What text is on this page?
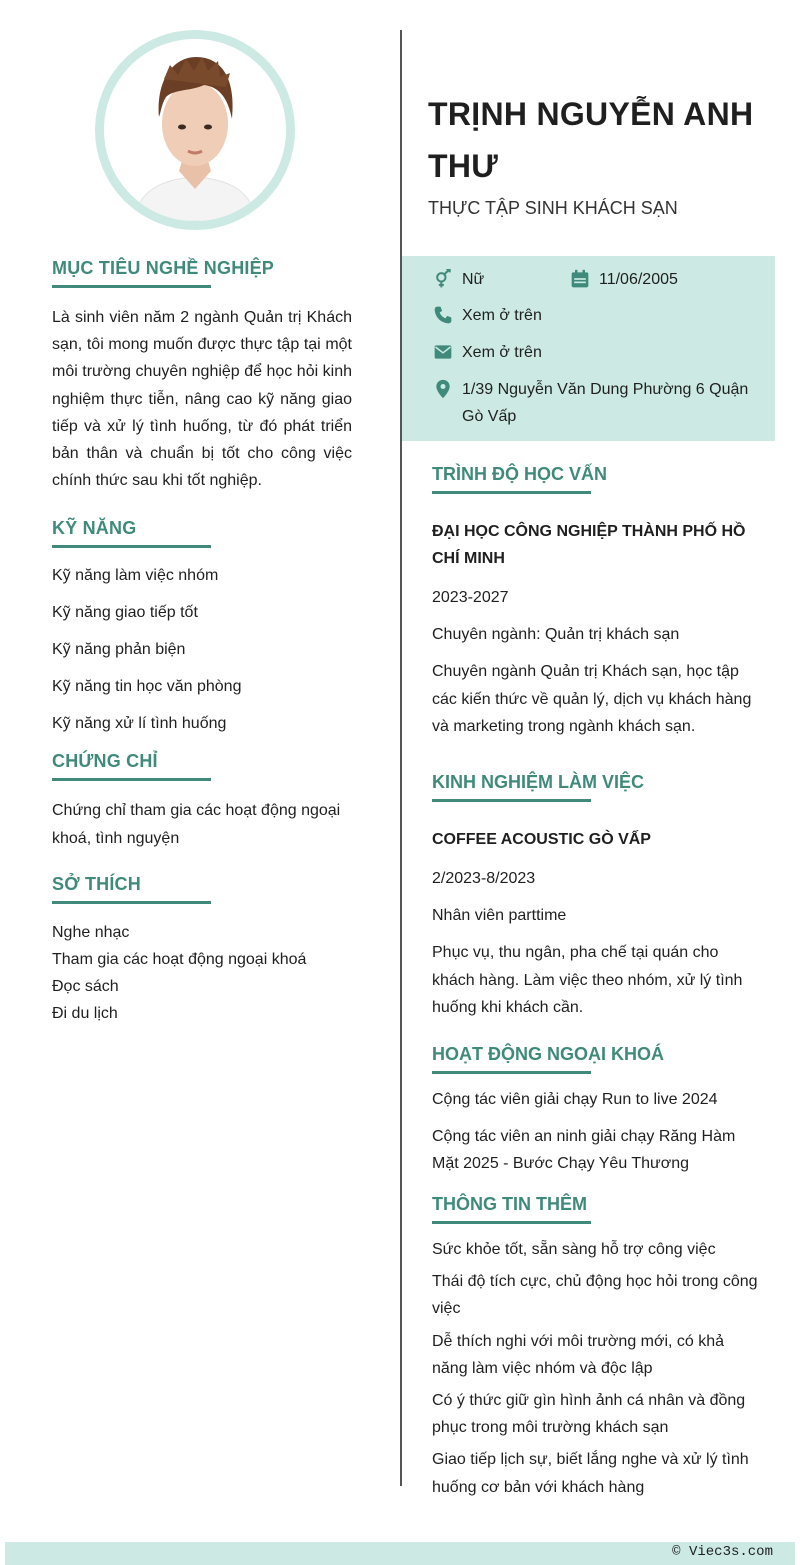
MỤC TIÊU NGHỀ NGHIỆP

Là sinh viên năm 2 ngành Quản trị Khách sạn, tôi mong muốn được thực tập tại một môi trường chuyên nghiệp để học hỏi kinh nghiệm thực tiễn, nâng cao kỹ năng giao tiếp và xử lý tình huống, từ đó phát triển bản thân và chuẩn bị tốt cho công việc chính thức sau khi tốt nghiệp.

KỸ NĂNG
Kỹ năng làm việc nhóm
Kỹ năng giao tiếp tốt
Kỹ năng phản biện
Kỹ năng tin học văn phòng
Kỹ năng xử lí tình huống
CHỨNG CHỈ

Chứng chỉ tham gia các hoạt động ngoại khoá, tình nguyện

SỞ THÍCH
Nghe nhạc
Tham gia các hoạt động ngoại khoá
Đọc sách
Đi du lịch
TRỊNH NGUYỄN ANH THƯ
THỰC TẬP SINH KHÁCH SẠN
Nữ	11/06/2005
Xem ở trên
Xem ở trên
1/39 Nguyễn Văn Dung Phường 6 Quận Gò Vấp
TRÌNH ĐỘ HỌC VẤN
ĐẠI HỌC CÔNG NGHIỆP THÀNH PHỐ HỒ CHÍ MINH
2023-2027
Chuyên ngành: Quản trị khách sạn
Chuyên ngành Quản trị Khách sạn, học tập các kiến thức về quản lý, dịch vụ khách hàng và marketing trong ngành khách sạn.
KINH NGHIỆM LÀM VIỆC
COFFEE ACOUSTIC GÒ VẤP
2/2023-8/2023
Nhân viên parttime
Phục vụ, thu ngân, pha chế tại quán cho khách hàng. Làm việc theo nhóm, xử lý tình huống khi khách cần.
HOẠT ĐỘNG NGOẠI KHOÁ
Cộng tác viên giải chạy Run to live 2024
Cộng tác viên an ninh giải chạy Răng Hàm Mặt 2025 - Bước Chạy Yêu Thương
THÔNG TIN THÊM
Sức khỏe tốt, sẵn sàng hỗ trợ công việc
Thái độ tích cực, chủ động học hỏi trong công việc
Dễ thích nghi với môi trường mới, có khả năng làm việc nhóm và độc lập
Có ý thức giữ gìn hình ảnh cá nhân và đồng phục trong môi trường khách sạn
Giao tiếp lịch sự, biết lắng nghe và xử lý tình huống cơ bản với khách hàng
© Viec3s.com
